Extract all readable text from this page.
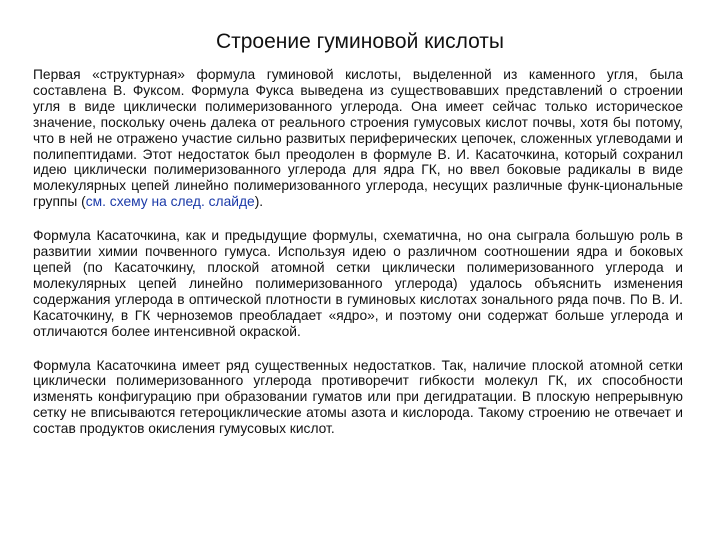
Строение гуминовой кислоты

Первая «структурная» формула гуминовой кислоты, выделенной из каменного угля, была составлена В. Фуксом. Формула Фукса выведена из существовавших представлений о строении угля в виде циклически полимеризованного углерода. Она имеет сейчас только историческое значение, поскольку очень далека от реального строения гумусовых кислот почвы, хотя бы потому, что в ней не отражено участие сильно развитых периферических цепочек, сложенных углеводами и полипептидами. Этот недостаток был преодолен в формуле В. И. Касаточкина, который сохранил идею циклически полимеризованного углерода для ядра ГК, но ввел боковые радикалы в виде молекулярных цепей линейно полимеризованного углерода, несущих различные функ-циональные группы (см. схему на след. слайде).

Формула Касаточкина, как и предыдущие формулы, схематична, но она сыграла большую роль в развитии химии почвенного гумуса. Используя идею о различном соотношении ядра и боковых цепей (по Касаточкину, плоской атомной сетки циклически полимеризованного углерода и молекулярных цепей линейно полимеризованного углерода) удалось объяснить изменения содержания углерода в оптической плотности в гуминовых кислотах зонального ряда почв. По В. И. Касаточкину, в ГК черноземов преобладает «ядро», и поэтому они содержат больше углерода и отличаются более интенсивной окраской.

Формула Касаточкина имеет ряд существенных недостатков. Так, наличие плоской атомной сетки циклически полимеризованного углерода противоречит гибкости молекул ГК, их способности изменять конфигурацию при образовании гуматов или при дегидратации. В плоскую непрерывную сетку не вписываются гетероциклические атомы азота и кислорода. Такому строению не отвечает и состав продуктов окисления гумусовых кислот.
